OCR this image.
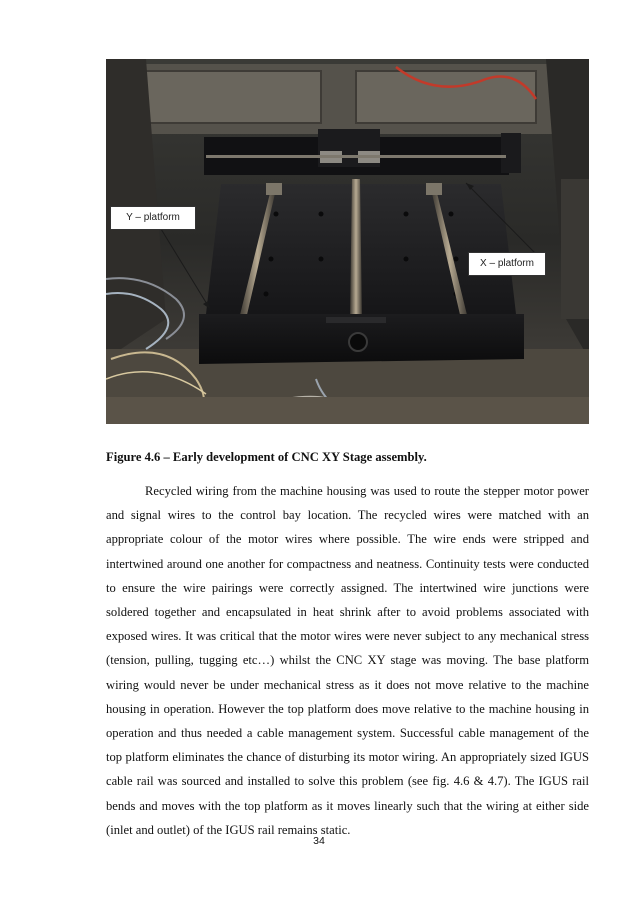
Y – platform
X – platform
Figure 4.6 – Early development of CNC XY Stage assembly.

Recycled wiring from the machine housing was used to route the stepper motor power and signal wires to the control bay location. The recycled wires were matched with an appropriate colour of the motor wires where possible. The wire ends were stripped and intertwined around one another for compactness and neatness. Continuity tests were conducted to ensure the wire pairings were correctly assigned. The intertwined wire junctions were soldered together and encapsulated in heat shrink after to avoid problems associated with exposed wires. It was critical that the motor wires were never subject to any mechanical stress (tension, pulling, tugging etc…) whilst the CNC XY stage was moving. The base platform wiring would never be under mechanical stress as it does not move relative to the machine housing in operation. However the top platform does move relative to the machine housing in operation and thus needed a cable management system. Successful cable management of the top platform eliminates the chance of disturbing its motor wiring. An appropriately sized IGUS cable rail was sourced and installed to solve this problem (see fig. 4.6 & 4.7). The IGUS rail bends and moves with the top platform as it moves linearly such that the wiring at either side (inlet and outlet) of the IGUS rail remains static.

34
